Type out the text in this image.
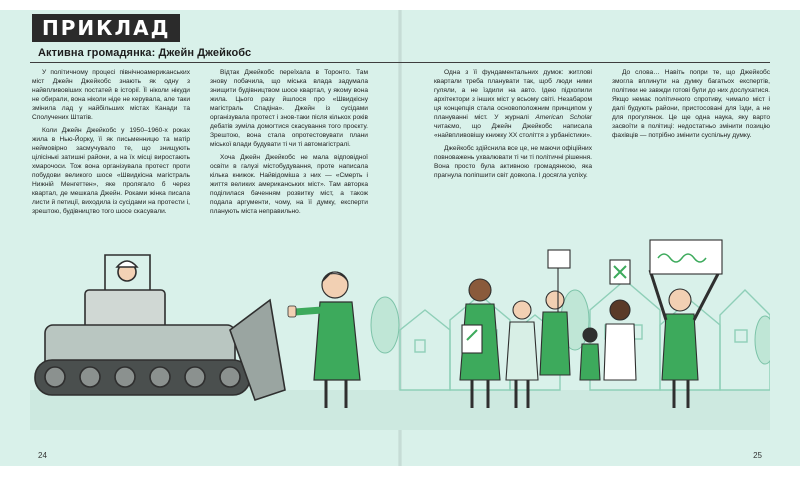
ПРИКЛАД
Активна громадянка: Джейн Джейкобс

У політичному процесі північноамериканських міст Джейн Джейкобс знають як одну з найвпливовіших постатей в історії. Її ніколи нікуди не обирали, вона ніколи ніде не керувала, але таки змінила лад у найбільших містах Канади та Сполучених Штатів.

Коли Джейн Джейкобс у 1950–1960-х роках жила в Нью-Йорку, її як письменницю та матір неймовірно засмучувало те, що знищують цілісінькі затишні райони, а на їх місці виростають хмарочоси. Тож вона організувала протест проти побудови великого шосе «Швидкісна магістраль Нижній Менгеттен», яке пролягало б через квартал, де мешкала Джейн. Роками жінка писала листи й петиції, виходила із сусідами на протести і, зрештою, будівництво того шосе скасували.

Відтак Джейкобс переїхала в Торонто. Там знову побачила, що міська влада задумала знищити будівництвом шосе квартал, у якому вона жила. Цього разу йшлося про «Швидкісну магістраль Спадіна». Джейн із сусідами організувала протест і знов-таки після кількох років дебатів зуміла домогтися скасування того проєкту. Зрештою, вона стала опротестовувати плани міської влади будувати ті чи ті автомагістралі.

Хоча Джейн Джейкобс не мала відповідної освіти в галузі містобудування, проте написала кілька книжок. Найвідоміша з них — «Смерть і життя великих американських міст». Там авторка поділилася баченням розвитку міст, а також подала аргументи, чому, на її думку, експерти планують міста неправильно.

Одна з її фундаментальних думок: житлові квартали треба планувати так, щоб люди ними гуляли, а не їздили на авто. Ідею підхопили архітектори з інших міст у всьому світі. Незабаром ця концепція стала основоположним принципом у плануванні міст. У журналі American Scholar читаємо, що Джейн Джейкобс написала «найвпливовішу книжку XX століття з урбаністики».

Джейкобс здійснила все це, не маючи офіційних повноважень ухвалювати ті чи ті політичні рішення. Вона просто була активною громадянкою, яка прагнула поліпшити світ довкола. І досягла успіху.

До слова… Навіть попри те, що Джейкобс змогла вплинути на думку багатьох експертів, політики не завжди готові були до них дослухатися. Якщо немає політичного спротиву, чимало міст і далі будують райони, пристосовані для їзди, а не для прогулянок. Це ще одна наука, яку варто засвоїти в політиці: недостатньо змінити позицію фахівців — потрібно змінити суспільну думку.

24	25
